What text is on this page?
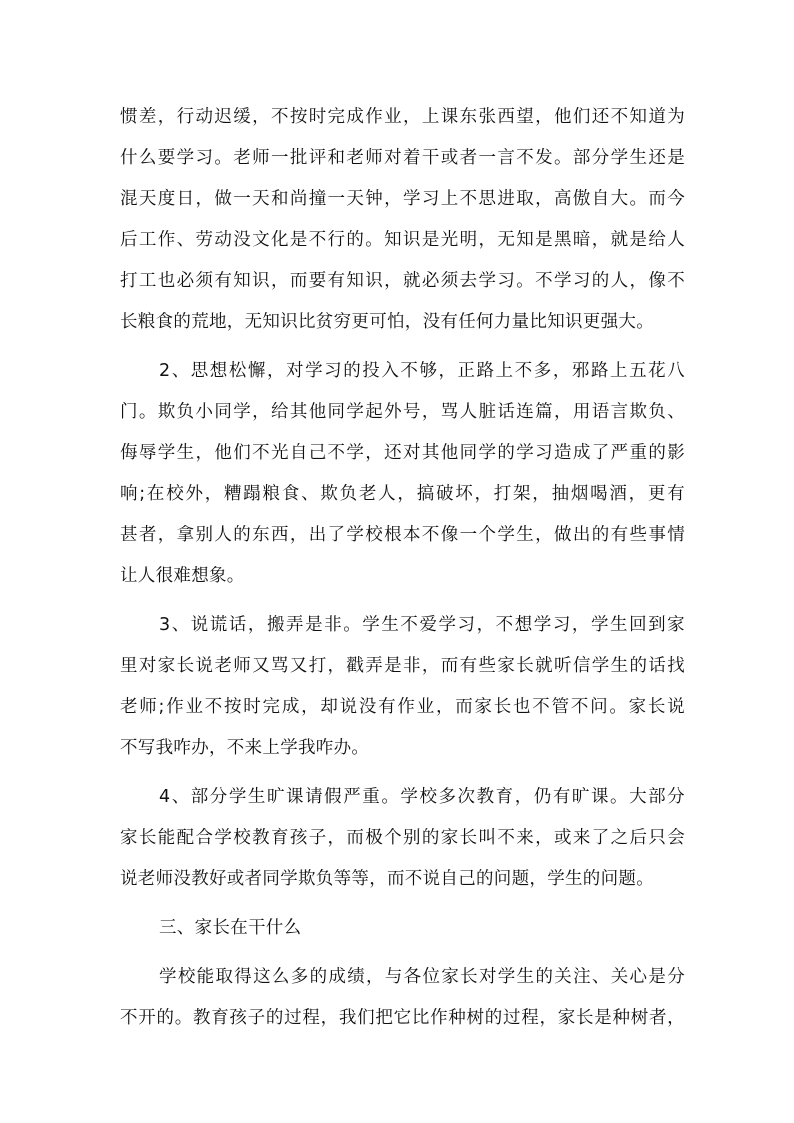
惯差，行动迟缓，不按时完成作业，上课东张西望，他们还不知道为
什么要学习。老师一批评和老师对着干或者一言不发。部分学生还是
混天度日，做一天和尚撞一天钟，学习上不思进取，高傲自大。而今
后工作、劳动没文化是不行的。知识是光明，无知是黑暗，就是给人
打工也必须有知识，而要有知识，就必须去学习。不学习的人，像不
长粮食的荒地，无知识比贫穷更可怕，没有任何力量比知识更强大。
2、思想松懈，对学习的投入不够，正路上不多，邪路上五花八
门。欺负小同学，给其他同学起外号，骂人脏话连篇，用语言欺负、
侮辱学生，他们不光自己不学，还对其他同学的学习造成了严重的影
响;在校外，糟蹋粮食、欺负老人，搞破坏，打架，抽烟喝酒，更有
甚者，拿别人的东西，出了学校根本不像一个学生，做出的有些事情
让人很难想象。
3、说谎话，搬弄是非。学生不爱学习，不想学习，学生回到家
里对家长说老师又骂又打，戳弄是非，而有些家长就听信学生的话找
老师;作业不按时完成，却说没有作业，而家长也不管不问。家长说
不写我咋办，不来上学我咋办。
4、部分学生旷课请假严重。学校多次教育，仍有旷课。大部分
家长能配合学校教育孩子，而极个别的家长叫不来，或来了之后只会
说老师没教好或者同学欺负等等，而不说自己的问题，学生的问题。
三、家长在干什么
学校能取得这么多的成绩，与各位家长对学生的关注、关心是分
不开的。教育孩子的过程，我们把它比作种树的过程，家长是种树者，
